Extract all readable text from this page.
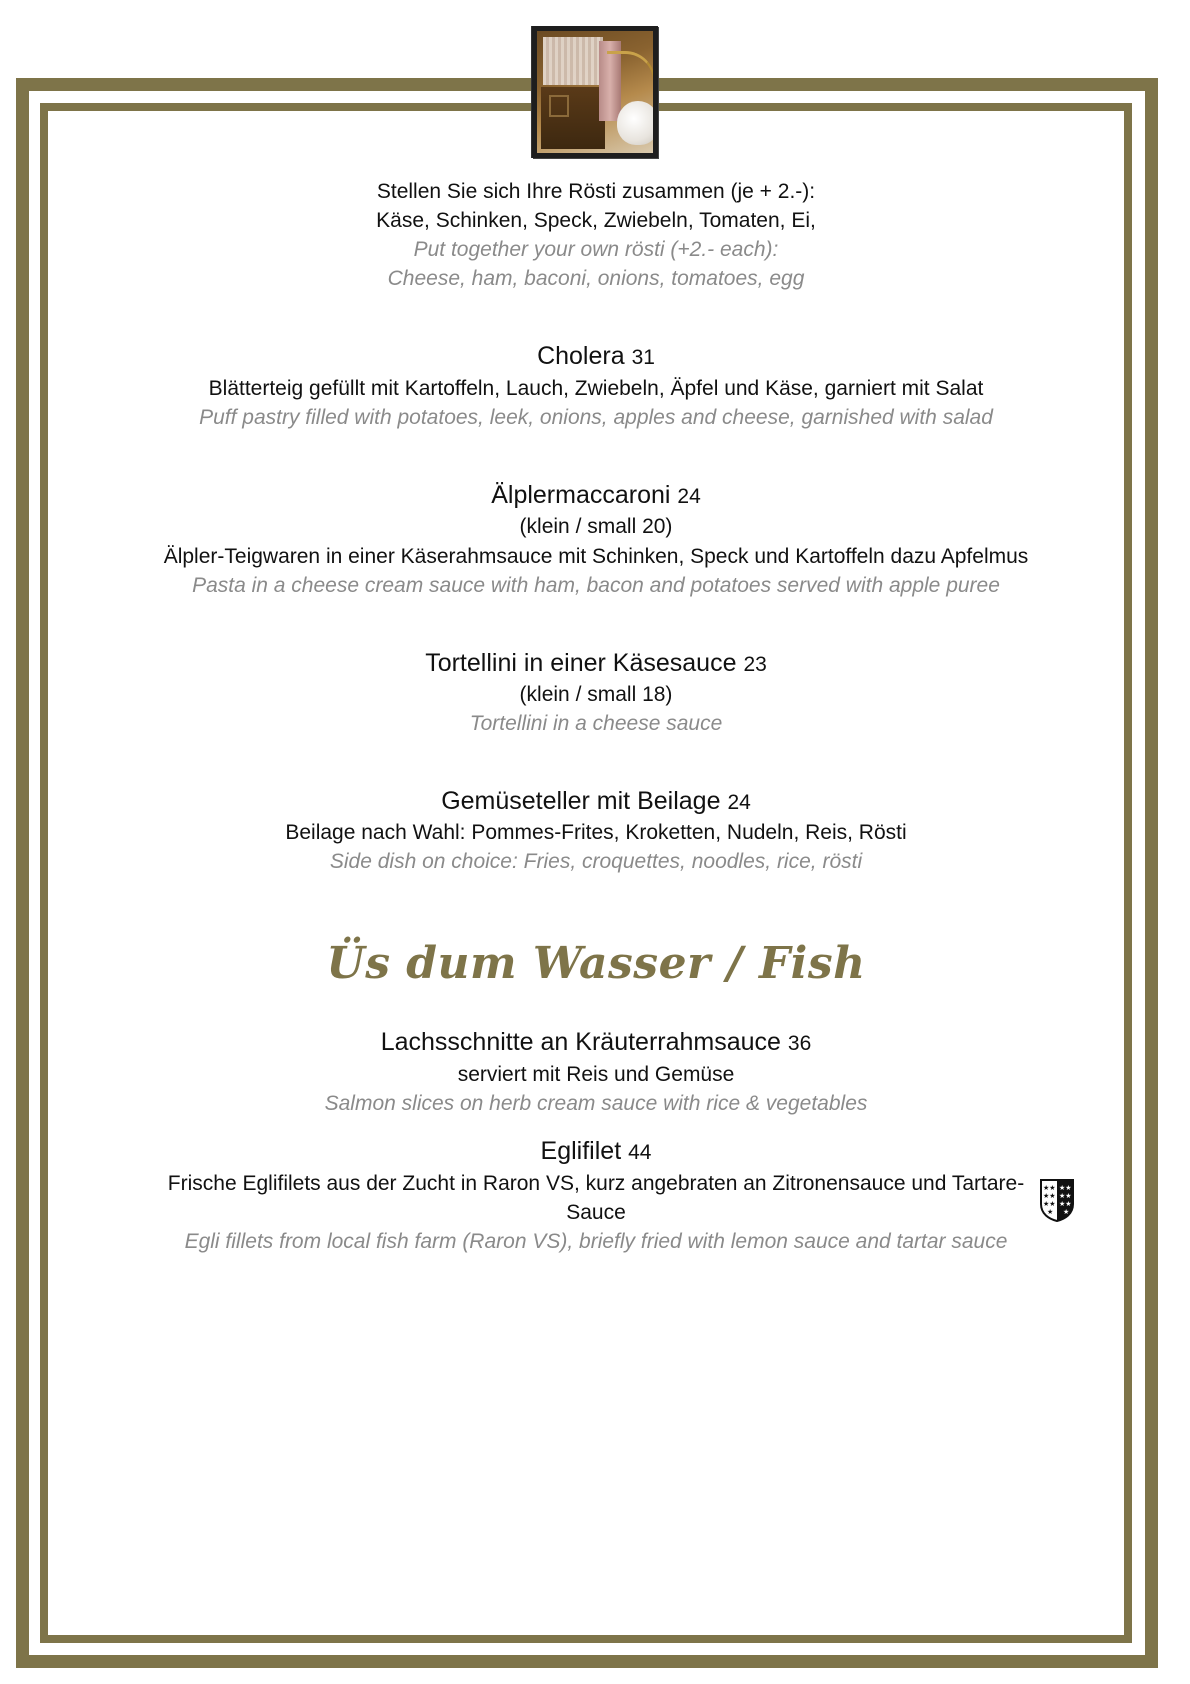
Stellen Sie sich Ihre Rösti zusammen (je + 2.-):
Käse, Schinken, Speck, Zwiebeln, Tomaten, Ei,
Put together your own rösti (+2.- each):
Cheese, ham, baconi, onions, tomatoes, egg
Cholera 31
Blätterteig gefüllt mit Kartoffeln, Lauch, Zwiebeln, Äpfel und Käse, garniert mit Salat
Puff pastry filled with potatoes, leek, onions, apples and cheese, garnished with salad
Älplermaccaroni 24
(klein / small 20)
Älpler-Teigwaren in einer Käserahmsauce mit Schinken, Speck und Kartoffeln dazu Apfelmus
Pasta in a cheese cream sauce with ham, bacon and potatoes served with apple puree
Tortellini in einer Käsesauce 23
(klein / small 18)
Tortellini in a cheese sauce
Gemüseteller mit Beilage 24
Beilage nach Wahl: Pommes-Frites, Kroketten, Nudeln, Reis, Rösti
Side dish on choice: Fries, croquettes, noodles, rice, rösti
Üs dum Wasser / Fish
Lachsschnitte an Kräuterrahmsauce 36
serviert mit Reis und Gemüse
Salmon slices on herb cream sauce with rice & vegetables
Eglifilet 44
Frische Eglifilets aus der Zucht in Raron VS, kurz angebraten an Zitronensauce und Tartare-
Sauce
Egli fillets from local fish farm (Raron VS), briefly fried with lemon sauce and tartar sauce
★★
★★
★★
★★
★★
★★
★
★
